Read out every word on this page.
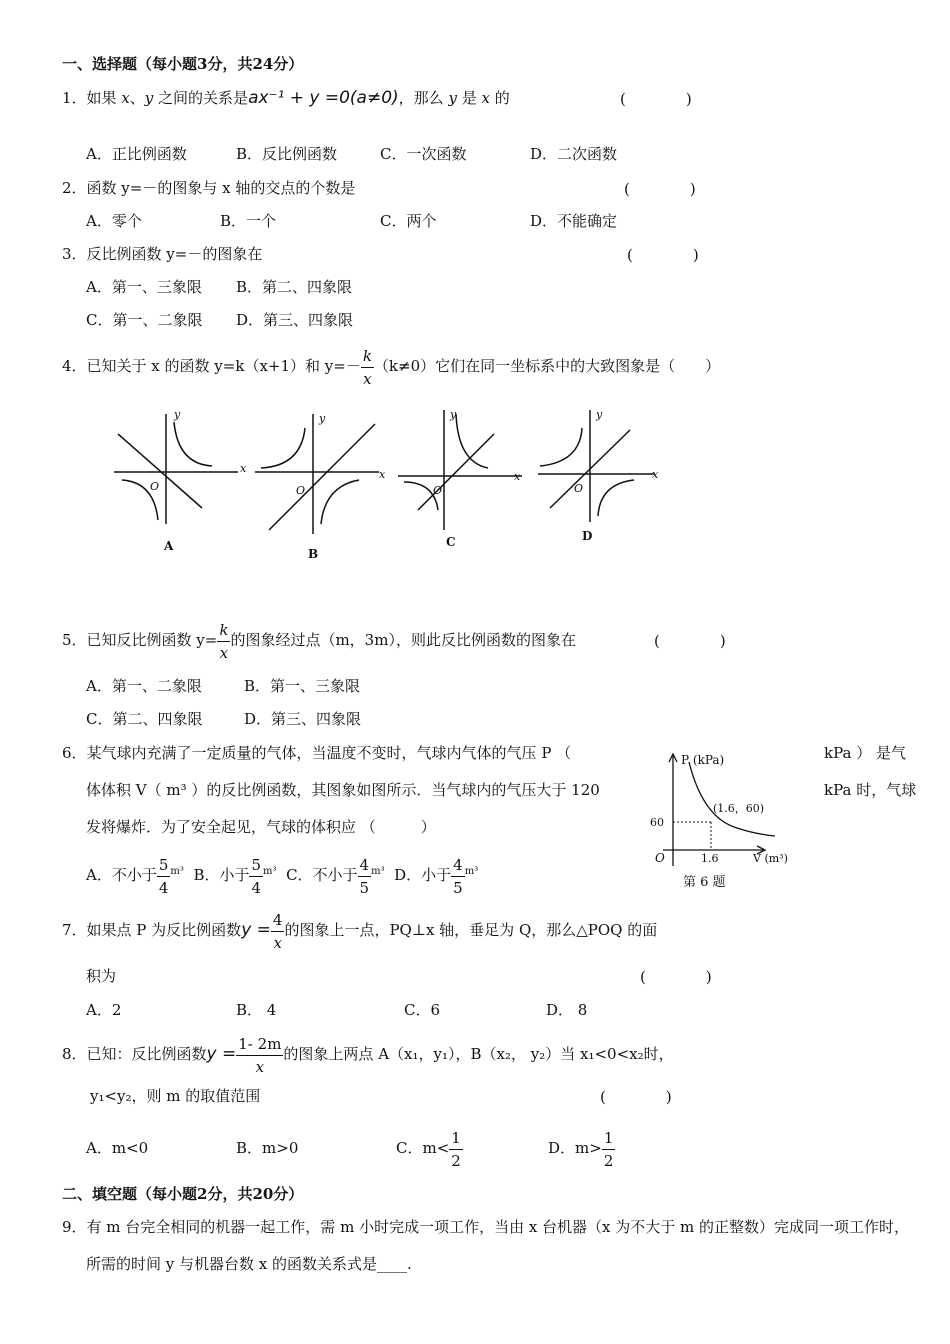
一、选择题（每小题3分，共24分）
1．如果 x、y 之间的关系是ax⁻¹ + y =0(a≠0)，那么 y 是 x 的	(　　　　)
A．正比例函数	B．反比例函数	C．一次函数	D．二次函数
2．函数 y=－的图象与 x 轴的交点的个数是	(　　　　)
A．零个	B．一个	C．两个	D．不能确定
3．反比例函数 y=－的图象在	(　　　　)
A．第一、三象限 B．第二、四象限
C．第一、二象限 D．第三、四象限
4．已知关于 x 的函数 y=k（x+1）和 $y=- \frac{k}{x} (k\ne 0)$它们在同一坐标系中的大致图象是（　　）
x
y
O
x
y
O
x
y
O
x
y
O
A
B
C	D
5．已知反比例函数 $y= \frac{k}{x}$ 的图象经过点（m，3m），则此反比例函数的图象在	(　　　　)
A．第一、二象限	B．第一、三象限
C．第二、四象限	D．第三、四象限
6．某气球内充满了一定质量的气体，当温度不变时，气球内气体的气压 P （	kPa ） 是气
体体积 V（ m³ ）的反比例函数，其图象如图所示．当气球内的气压大于 120	kPa 时，气球
发将爆炸．为了安全起见，气球的体积应 （　　　）
A．不小于 $\frac{5}{4} ^{m^3}$ B．小于 $\frac{5}{4} ^{m^3}$ C．不小于 $\frac{4}{5} ^{m^3}$ D．小于 $\frac{4}{5} ^{m^3}$
P (kPa)
V (m³)
O
(1.6，60)
60
1.6
第 6 题
7．如果点 P 为反比例函数$y = \frac{4}{x}$ 的图象上一点，PQ⊥x 轴，垂足为 Q，那么△POQ 的面
积为	(　　　　)
A．2	B． 4	C．6	D． 8
8．已知：反比例函数$y = \frac{1- 2m}{x}$ 的图象上两点 A（x₁，y₁），B（x₂， y₂）当 x₁<0<x₂时，
y₁<y₂，则 m 的取值范围	(　　　　)
A．m<0	B．m>0	C．$m< \frac{1}{2}$	D．$m> \frac{1}{2}$
二、填空题（每小题2分，共20分）
9．有 m 台完全相同的机器一起工作，需 m 小时完成一项工作，当由 x 台机器（x 为不大于 m 的正整数）完成同一项工作时，
所需的时间 y 与机器台数 x 的函数关系式是____.
